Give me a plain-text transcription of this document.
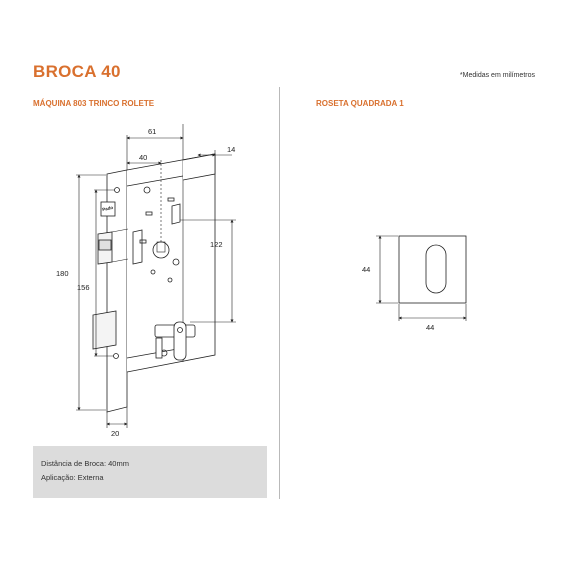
BROCA 40	*Medidas em milímetros
MÁQUINA 803 TRINCO ROLETE	ROSETA QUADRADA 1
Pado
61
40
14
122
180
156
20
44
44
Distância de Broca: 40mm
Aplicação: Externa
